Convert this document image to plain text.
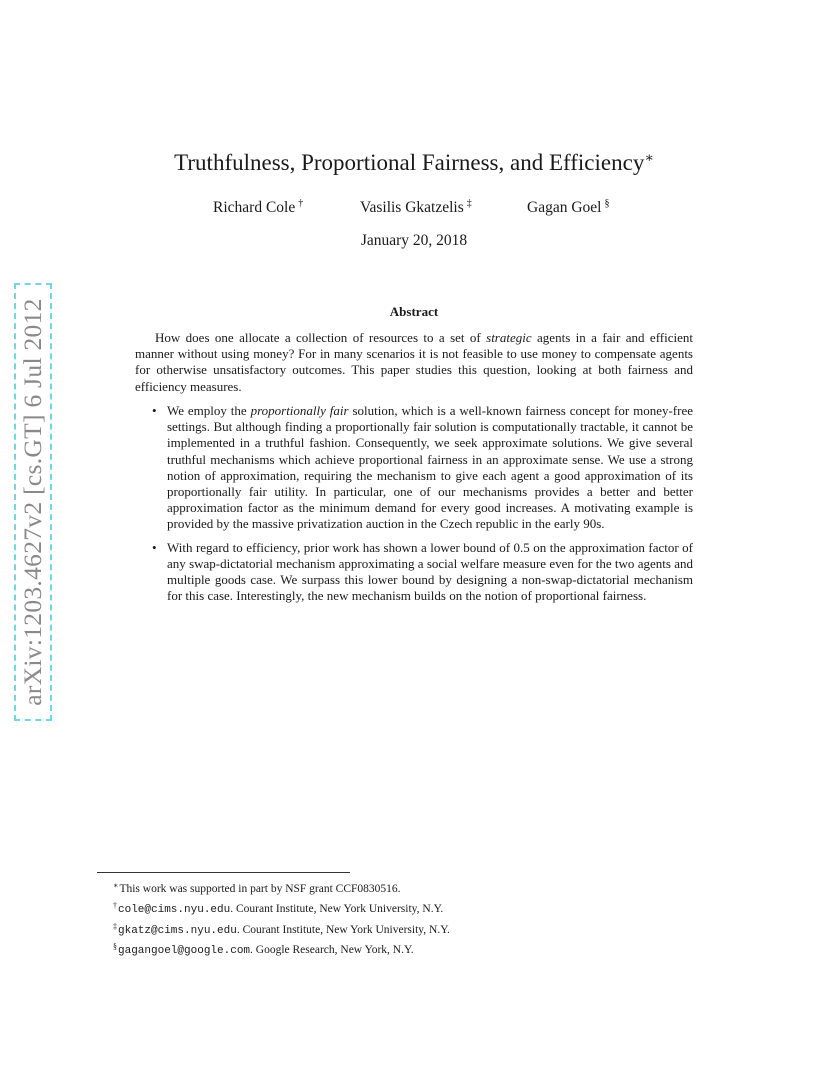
arXiv:1203.4627v2 [cs.GT] 6 Jul 2012
Truthfulness, Proportional Fairness, and Efficiency∗
Richard Cole †	Vasilis Gkatzelis ‡	Gagan Goel §
January 20, 2018
Abstract

How does one allocate a collection of resources to a set of strategic agents in a fair and efficient manner without using money? For in many scenarios it is not feasible to use money to compensate agents for otherwise unsatisfactory outcomes. This paper studies this question, looking at both fairness and efficiency measures.

• We employ the proportionally fair solution, which is a well-known fairness concept for money-free settings. But although finding a proportionally fair solution is computationally tractable, it cannot be implemented in a truthful fashion. Consequently, we seek approximate solutions. We give several truthful mechanisms which achieve proportional fairness in an approximate sense. We use a strong notion of approximation, requiring the mechanism to give each agent a good approximation of its proportionally fair utility. In particular, one of our mechanisms provides a better and better approximation factor as the minimum demand for every good increases. A motivating example is provided by the massive privatization auction in the Czech republic in the early 90s.
• With regard to efficiency, prior work has shown a lower bound of 0.5 on the approximation factor of any swap-dictatorial mechanism approximating a social welfare measure even for the two agents and multiple goods case. We surpass this lower bound by designing a non-swap-dictatorial mechanism for this case. Interestingly, the new mechanism builds on the notion of proportional fairness.
∗This work was supported in part by NSF grant CCF0830516.
†cole@cims.nyu.edu. Courant Institute, New York University, N.Y.
‡gkatz@cims.nyu.edu. Courant Institute, New York University, N.Y.
§gagangoel@google.com. Google Research, New York, N.Y.
